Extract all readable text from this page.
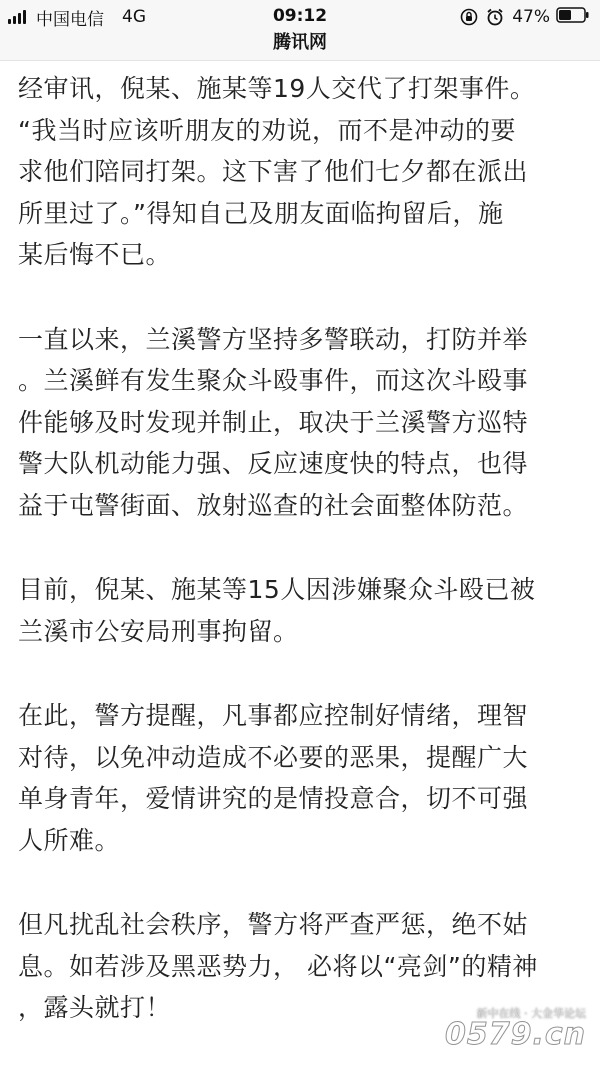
中国电信 4G	09:12	47%
腾讯网

经审讯，倪某、施某等19人交代了打架事件。
“我当时应该听朋友的劝说，而不是冲动的要
求他们陪同打架。这下害了他们七夕都在派出
所里过了。”得知自己及朋友面临拘留后，施
某后悔不已。

一直以来，兰溪警方坚持多警联动，打防并举
。兰溪鲜有发生聚众斗殴事件，而这次斗殴事
件能够及时发现并制止，取决于兰溪警方巡特
警大队机动能力强、反应速度快的特点，也得
益于屯警街面、放射巡查的社会面整体防范。

目前，倪某、施某等15人因涉嫌聚众斗殴已被
兰溪市公安局刑事拘留。

在此，警方提醒，凡事都应控制好情绪，理智
对待，以免冲动造成不必要的恶果，提醒广大
单身青年，爱情讲究的是情投意合，切不可强
人所难。

但凡扰乱社会秩序，警方将严查严惩，绝不姑
息。如若涉及黑恶势力， 必将以“亮剑”的精神
，露头就打！	新中在线 · 大金华论坛
0579.cn
